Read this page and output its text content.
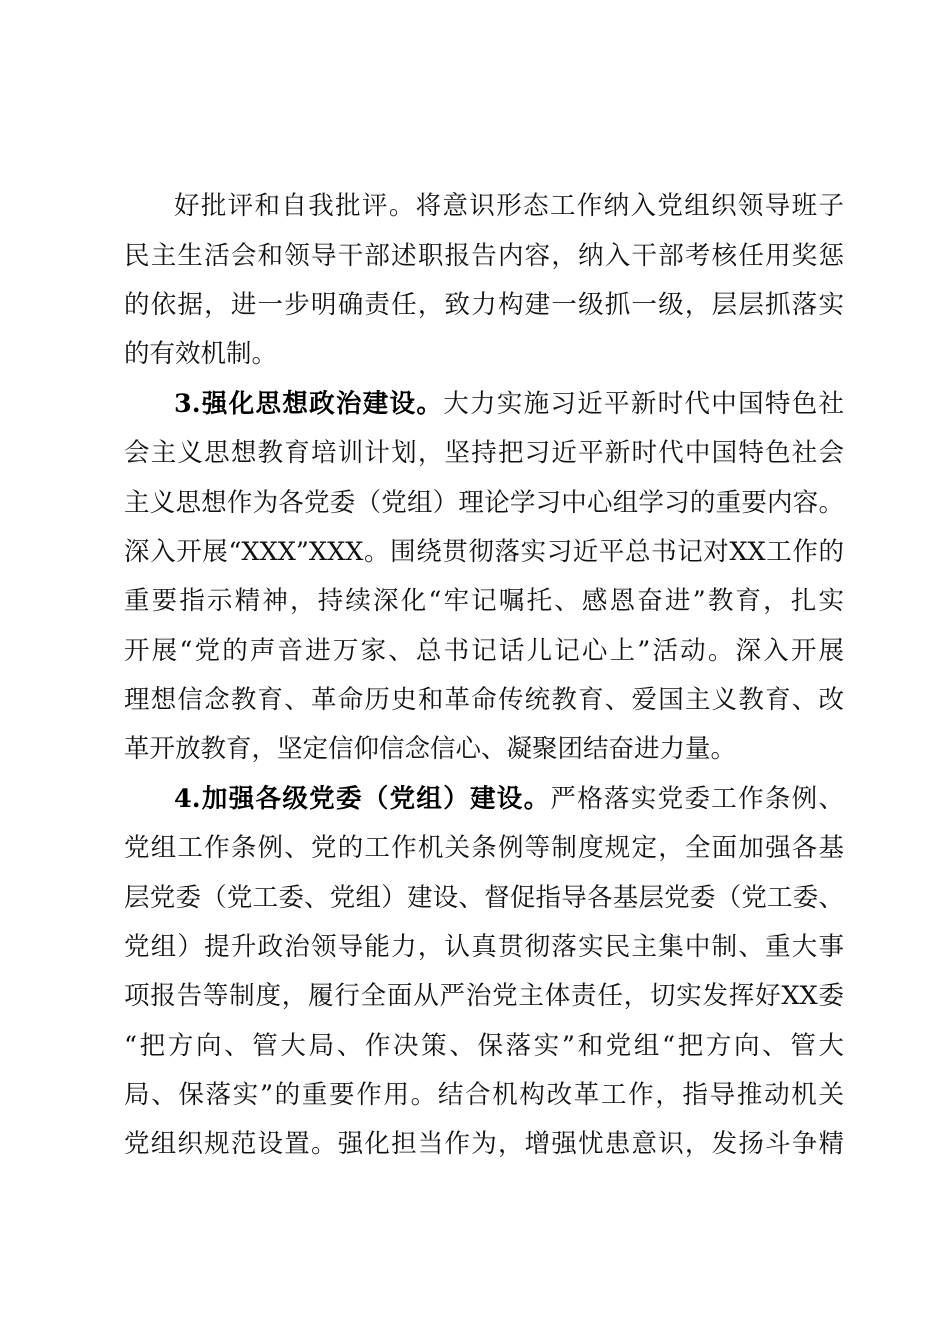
好批评和自我批评。将意识形态工作纳入党组织领导班子
民主生活会和领导干部述职报告内容，纳入干部考核任用奖惩
的依据，进一步明确责任，致力构建一级抓一级，层层抓落实
的有效机制。
3.强化思想政治建设。大力实施习近平新时代中国特色社
会主义思想教育培训计划，坚持把习近平新时代中国特色社会
主义思想作为各党委（党组）理论学习中心组学习的重要内容。
深入开展“XXX”XXX。围绕贯彻落实习近平总书记对XX工作的
重要指示精神，持续深化“牢记嘱托、感恩奋进”教育，扎实
开展“党的声音进万家、总书记话儿记心上”活动。深入开展
理想信念教育、革命历史和革命传统教育、爱国主义教育、改
革开放教育，坚定信仰信念信心、凝聚团结奋进力量。
4.加强各级党委（党组）建设。严格落实党委工作条例、
党组工作条例、党的工作机关条例等制度规定，全面加强各基
层党委（党工委、党组）建设、督促指导各基层党委（党工委、
党组）提升政治领导能力，认真贯彻落实民主集中制、重大事
项报告等制度，履行全面从严治党主体责任，切实发挥好XX委
“把方向、管大局、作决策、保落实”和党组“把方向、管大
局、保落实”的重要作用。结合机构改革工作，指导推动机关
党组织规范设置。强化担当作为，增强忧患意识，发扬斗争精
